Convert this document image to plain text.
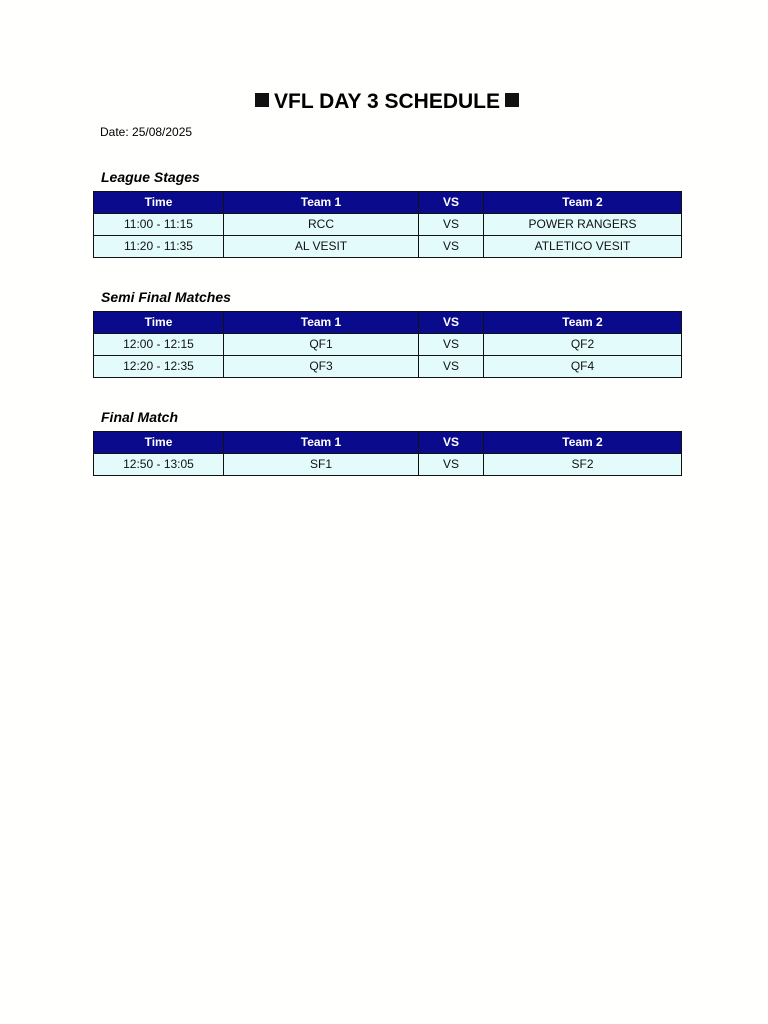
VFL DAY 3 SCHEDULE
Date: 25/08/2025
League Stages
Time	Team 1	VS	Team 2
11:00 - 11:15	RCC	VS	POWER RANGERS
11:20 - 11:35	AL VESIT	VS	ATLETICO VESIT
Semi Final Matches
Time	Team 1	VS	Team 2
12:00 - 12:15	QF1	VS	QF2
12:20 - 12:35	QF3	VS	QF4
Final Match
Time	Team 1	VS	Team 2
12:50 - 13:05	SF1	VS	SF2
